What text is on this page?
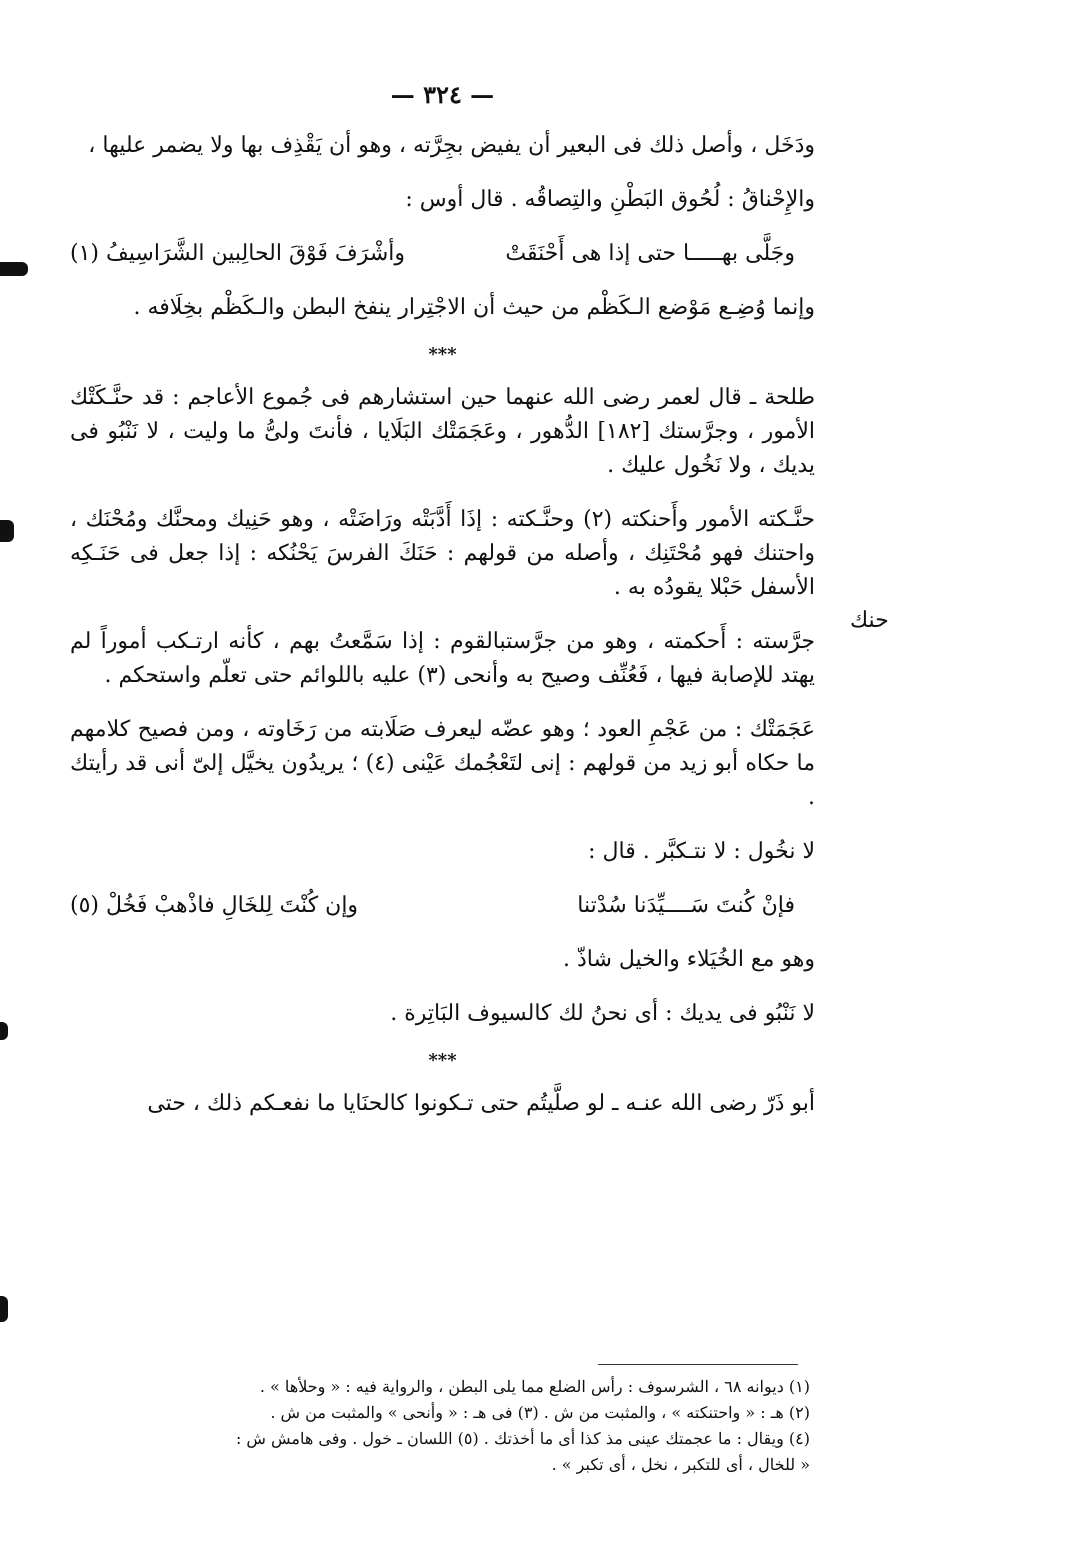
— ٣٢٤ —

ودَخَل ، وأصل ذلك فى البعير أن يفيض بجِرَّته ، وهو أن يَقْذِف بها ولا يضمر عليها ،

والإِحْناقُ : لُحُوق البَطْنِ والتِصاقُه . قال أوس :

وجَلَّى بهـــــا حتى إذا هى أَحْنَقَتْ
وأشْرَفَ فَوْقَ الحالِبين الشَّرَاسِيفُ (١)

وإنما وُضِـع مَوْضع الـكَظْم من حيث أن الاجْتِرار ينفخ البطن والـكَظْم بخِلَافه .

***

طلحة ـ قال لعمر رضى الله عنهما حين استشارهم فى جُموع الأعاجم : قد حنَّـكَتْك الأمور ، وجرَّستك [١٨٢] الدُّهور ، وعَجَمَتْك البَلَايا ، فأنتَ ولىُّ ما وليت ، لا نَنْبُو فى يديك ، ولا نَخُول عليك .

حنَّـكته الأمور وأَحنكته (٢) وحنَّـكته : إذَا أَدَّبَتْه ورَاضَتْه ، وهو حَنِيك ومحنَّك ومُحْنَك ، واحتنك فهو مُحْتَنِك ، وأصله من قولهم : حَنَكَ الفرسَ يَحْنُكه : إذا جعل فى حَنَـكِه الأسفل حَبْلا يقودُه به .

جرَّسته : أَحكمته ، وهو من جرَّستبالقوم : إذا سَمَّعتُ بهم ، كأنه ارتـكب أموراً لم يهتد للإصابة فيها ، فَعُنِّف وصيح به وأنحى (٣) عليه باللوائم حتى تعلّم واستحكم .

عَجَمَتْك : من عَجْمِ العود ؛ وهو عضّه ليعرف صَلَابته من رَخَاوته ، ومن فصيح كلامهم ما حكاه أبو زيد من قولهم : إنى لتَعْجُمك عَيْنى (٤) ؛ يريدُون يخيَّل إلىّ أنى قد رأيتك .

لا نخُول : لا نتـكبَّر . قال :

فإنْ كُنتَ سَــــيِّدَنا سُدْتنا
وإن كُنْتَ لِلخَالِ فاذْهبْ فَخُلْ (٥)

وهو مع الخُيَلاء والخيل شاذّ .

لا نَنْبُو فى يديك : أى نحنُ لك كالسيوف البَاتِرة .

***

أبو ذَرّ رضى الله عنـه ـ لو صلَّيتُم حتى تـكونوا كالحنَايا ما نفعـكم ذلك ، حتى

حنك
(١) ديوانه ٦٨ ، الشرسوف : رأس الضلع مما يلى البطن ، والرواية فيه : « وحلأها » .
(٢) هـ : « واحتنكته » ، والمثبت من ش . (٣) فى هـ : « وأنحى » والمثبت من ش .
(٤) ويقال : ما عجمتك عينى مذ كذا أى ما أخذتك . (٥) اللسان ـ خول . وفى هامش ش :
« للخال ، أى للتكبر ، نخل ، أى تكبر » .
